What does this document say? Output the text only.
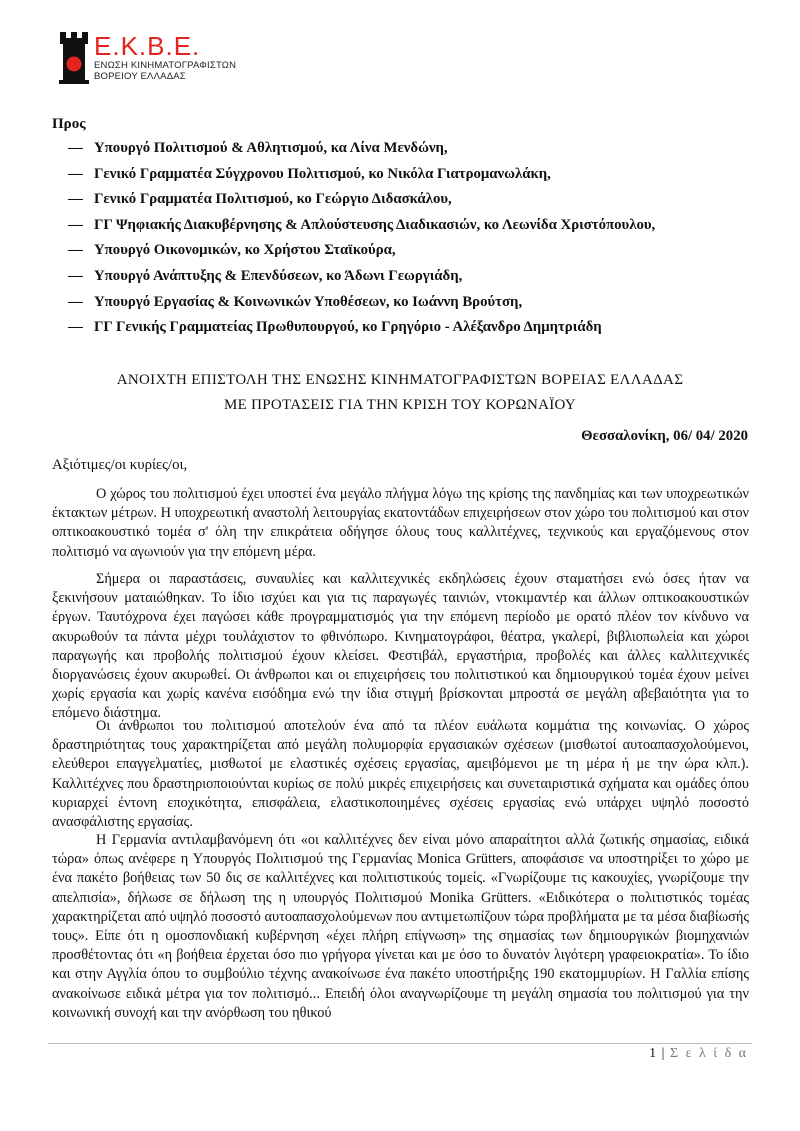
Ε.Κ.Β.Ε.
ΕΝΩΣΗ ΚΙΝΗΜΑΤΟΓΡΑΦΙΣΤΩΝ
ΒΟΡΕΙΟΥ ΕΛΛΑΔΑΣ
Προς
— Υπουργό Πολιτισμού & Αθλητισμού, κα Λίνα Μενδώνη,
— Γενικό Γραμματέα Σύγχρονου Πολιτισμού, κο Νικόλα Γιατρομανωλάκη,
— Γενικό Γραμματέα Πολιτισμού, κο Γεώργιο Διδασκάλου,
— ΓΓ Ψηφιακής Διακυβέρνησης & Απλούστευσης Διαδικασιών, κο Λεωνίδα Χριστόπουλου,
— Υπουργό Οικονομικών, κο Χρήστου Σταϊκούρα,
— Υπουργό Ανάπτυξης & Επενδύσεων, κο Άδωνι Γεωργιάδη,
— Υπουργό Εργασίας & Κοινωνικών Υποθέσεων, κο Ιωάννη Βρούτση,
— ΓΓ Γενικής Γραμματείας Πρωθυπουργού, κο Γρηγόριο - Αλέξανδρο Δημητριάδη
ΑΝΟΙΧΤΗ ΕΠΙΣΤΟΛΗ ΤΗΣ ΕΝΩΣΗΣ ΚΙΝΗΜΑΤΟΓΡΑΦΙΣΤΩΝ ΒΟΡΕΙΑΣ ΕΛΛΑΔΑΣ
ΜΕ ΠΡΟΤΑΣΕΙΣ ΓΙΑ ΤΗΝ ΚΡΙΣΗ ΤΟΥ ΚΟΡΩΝΑΪΟΥ
Θεσσαλονίκη, 06/ 04/ 2020
Αξιότιμες/οι κυρίες/οι,

Ο χώρος του πολιτισμού έχει υποστεί ένα μεγάλο πλήγμα λόγω της κρίσης της πανδημίας και των υποχρεωτικών έκτακτων μέτρων. Η υποχρεωτική αναστολή λειτουργίας εκατοντάδων επιχειρήσεων στον χώρο του πολιτισμού και στον οπτικοακουστικό τομέα σ' όλη την επικράτεια οδήγησε όλους τους καλλιτέχνες, τεχνικούς και εργαζόμενους στον πολιτισμό να αγωνιούν για την επόμενη μέρα.

Σήμερα οι παραστάσεις, συναυλίες και καλλιτεχνικές εκδηλώσεις έχουν σταματήσει ενώ όσες ήταν να ξεκινήσουν ματαιώθηκαν. Το ίδιο ισχύει και για τις παραγωγές ταινιών, ντοκιμαντέρ και άλλων οπτικοακουστικών έργων. Ταυτόχρονα έχει παγώσει κάθε προγραμματισμός για την επόμενη περίοδο με ορατό πλέον τον κίνδυνο να ακυρωθούν τα πάντα μέχρι τουλάχιστον το φθινόπωρο. Κινηματογράφοι, θέατρα, γκαλερί, βιβλιοπωλεία και χώροι παραγωγής και προβολής πολιτισμού έχουν κλείσει. Φεστιβάλ, εργαστήρια, προβολές και άλλες καλλιτεχνικές διοργανώσεις έχουν ακυρωθεί. Οι άνθρωποι και οι επιχειρήσεις του πολιτιστικού και δημιουργικού τομέα έχουν μείνει χωρίς εργασία και χωρίς κανένα εισόδημα ενώ την ίδια στιγμή βρίσκονται μπροστά σε μεγάλη αβεβαιότητα για το επόμενο διάστημα.

Οι άνθρωποι του πολιτισμού αποτελούν ένα από τα πλέον ευάλωτα κομμάτια της κοινωνίας. Ο χώρος δραστηριότητας τους χαρακτηρίζεται από μεγάλη πολυμορφία εργασιακών σχέσεων (μισθωτοί αυτοαπασχολούμενοι, ελεύθεροι επαγγελματίες, μισθωτοί με ελαστικές σχέσεις εργασίας, αμειβόμενοι με τη μέρα ή με την ώρα κλπ.). Καλλιτέχνες που δραστηριοποιούνται κυρίως σε πολύ μικρές επιχειρήσεις και συνεταιριστικά σχήματα και ομάδες όπου κυριαρχεί έντονη εποχικότητα, επισφάλεια, ελαστικοποιημένες σχέσεις εργασίας ενώ υπάρχει υψηλό ποσοστό ανασφάλιστης εργασίας.

Η Γερμανία αντιλαμβανόμενη ότι «οι καλλιτέχνες δεν είναι μόνο απαραίτητοι αλλά ζωτικής σημασίας, ειδικά τώρα» όπως ανέφερε η Υπουργός Πολιτισμού της Γερμανίας Monica Grütters, αποφάσισε να υποστηρίξει το χώρο με ένα πακέτο βοήθειας των 50 δις σε καλλιτέχνες και πολιτιστικούς τομείς. «Γνωρίζουμε τις κακουχίες, γνωρίζουμε την απελπισία», δήλωσε σε δήλωση της η υπουργός Πολιτισμού Monika Grütters. «Ειδικότερα ο πολιτιστικός τομέας χαρακτηρίζεται από υψηλό ποσοστό αυτοαπασχολούμενων που αντιμετωπίζουν τώρα προβλήματα με τα μέσα διαβίωσής τους». Είπε ότι η ομοσπονδιακή κυβέρνηση «έχει πλήρη επίγνωση» της σημασίας των δημιουργικών βιομηχανιών προσθέτοντας ότι «η βοήθεια έρχεται όσο πιο γρήγορα γίνεται και με όσο το δυνατόν λιγότερη γραφειοκρατία». Το ίδιο και στην Αγγλία όπου το συμβούλιο τέχνης ανακοίνωσε ένα πακέτο υποστήριξης 190 εκατομμυρίων. Η Γαλλία επίσης ανακοίνωσε ειδικά μέτρα για τον πολιτισμό... Επειδή όλοι αναγνωρίζουμε τη μεγάλη σημασία του πολιτισμού για την κοινωνική συνοχή και την ανόρθωση του ηθικού

1 | Σ ε λ ί δ α
